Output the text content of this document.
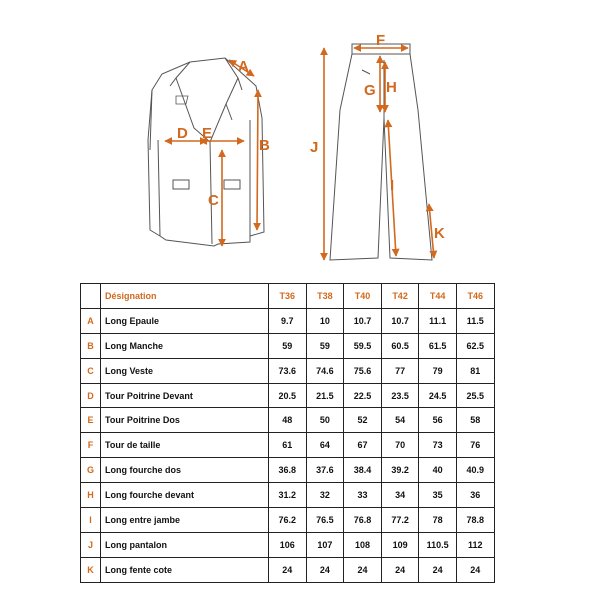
A
B
C
D E
F
G H
I
J
K
	Désignation	T36	T38	T40	T42	T44	T46
A	Long Epaule	9.7	10	10.7	10.7	11.1	11.5
B	Long Manche	59	59	59.5	60.5	61.5	62.5
C	Long Veste	73.6	74.6	75.6	77	79	81
D	Tour Poitrine Devant	20.5	21.5	22.5	23.5	24.5	25.5
E	Tour Poitrine Dos	48	50	52	54	56	58
F	Tour de taille	61	64	67	70	73	76
G	Long fourche dos	36.8	37.6	38.4	39.2	40	40.9
H	Long fourche devant	31.2	32	33	34	35	36
I	Long entre jambe	76.2	76.5	76.8	77.2	78	78.8
J	Long pantalon	106	107	108	109	110.5	112
K	Long fente cote	24	24	24	24	24	24
